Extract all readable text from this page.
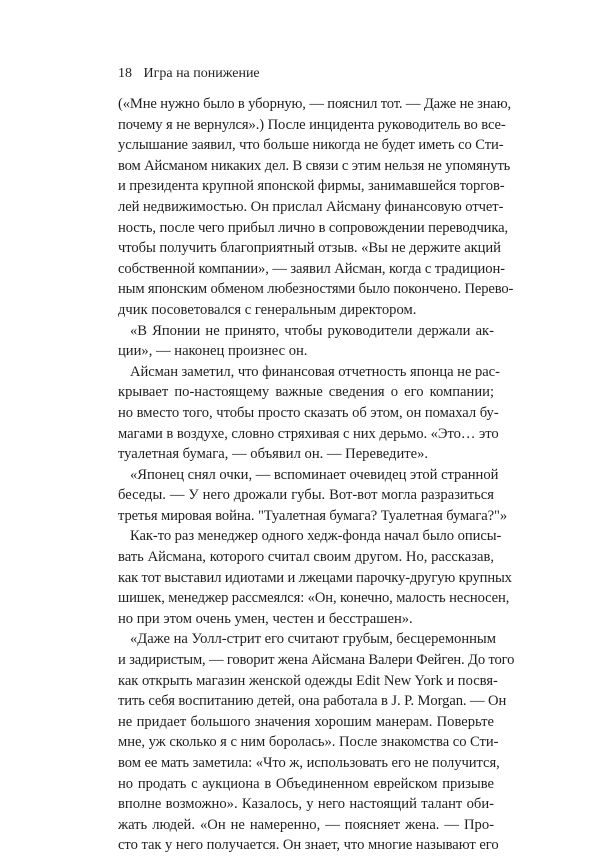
18 Игра на понижение
(«Мне нужно было в уборную, — пояснил тот. — Даже не знаю,
почему я не вернулся».) После инцидента руководитель во все-
услышание заявил, что больше никогда не будет иметь со Сти-
вом Айсманом никаких дел. В связи с этим нельзя не упомянуть
и президента крупной японской фирмы, занимавшейся торгов-
лей недвижимостью. Он прислал Айсману финансовую отчет-
ность, после чего прибыл лично в сопровождении переводчика,
чтобы получить благоприятный отзыв. «Вы не держите акций
собственной компании», — заявил Айсман, когда с традицион-
ным японским обменом любезностями было покончено. Перево-
дчик посоветовался с генеральным директором.
«В Японии не принято, чтобы руководители держали ак-
ции», — наконец произнес он.
Айсман заметил, что финансовая отчетность японца не рас-
крывает по-настоящему важные сведения о его компании;
но вместо того, чтобы просто сказать об этом, он помахал бу-
магами в воздухе, словно стряхивая с них дерьмо. «Это… это
туалетная бумага, — объявил он. — Переведите».
«Японец снял очки, — вспоминает очевидец этой странной
беседы. — У него дрожали губы. Вот-вот могла разразиться
третья мировая война. "Туалетная бумага? Туалетная бумага?"»
Как-то раз менеджер одного хедж-фонда начал было описы-
вать Айсмана, которого считал своим другом. Но, рассказав,
как тот выставил идиотами и лжецами парочку-другую крупных
шишек, менеджер рассмеялся: «Он, конечно, малость несносен,
но при этом очень умен, честен и бесстрашен».
«Даже на Уолл-стрит его считают грубым, бесцеремонным
и задиристым, — говорит жена Айсмана Валери Фейген. До того
как открыть магазин женской одежды Edit New York и посвя-
тить себя воспитанию детей, она работала в J. P. Morgan. — Он
не придает большого значения хорошим манерам. Поверьте
мне, уж сколько я с ним боролась». После знакомства со Сти-
вом ее мать заметила: «Что ж, использовать его не получится,
но продать с аукциона в Объединенном еврейском призыве
вполне возможно». Казалось, у него настоящий талант оби-
жать людей. «Он не намеренно, — поясняет жена. — Про-
сто так у него получается. Он знает, что многие называют его
